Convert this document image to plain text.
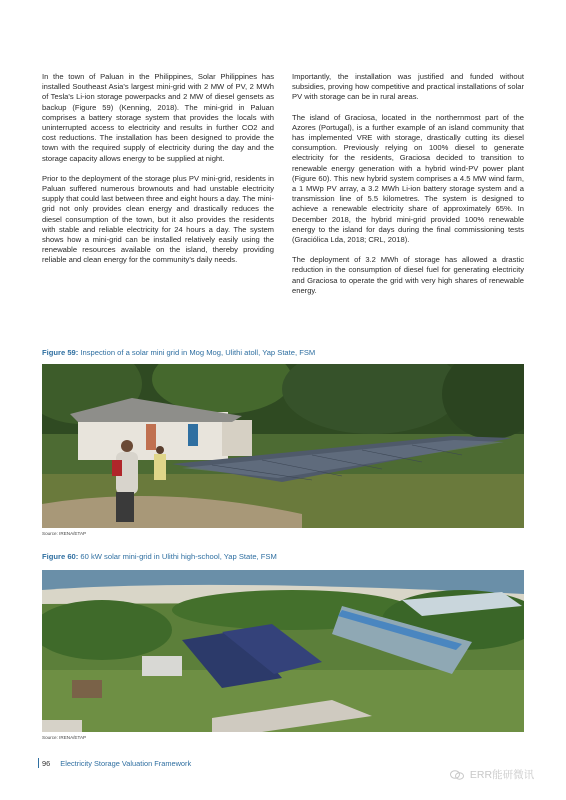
In the town of Paluan in the Philippines, Solar Philippines has installed Southeast Asia's largest mini-grid with 2 MW of PV, 2 MWh of Tesla's Li-ion storage powerpacks and 2 MW of diesel gensets as backup (Figure 59) (Kenning, 2018). The mini-grid in Paluan comprises a battery storage system that provides the locals with uninterrupted access to electricity and results in further CO2 and cost reductions. The installation has been designed to provide the town with the required supply of electricity during the day and the storage capacity allows energy to be supplied at night.

Prior to the deployment of the storage plus PV mini-grid, residents in Paluan suffered numerous brownouts and had unstable electricity supply that could last between three and eight hours a day. The mini-grid not only provides clean energy and drastically reduces the diesel consumption of the town, but it also provides the residents with stable and reliable electricity for 24 hours a day. The system shows how a mini-grid can be installed relatively easily using the renewable resources available on the island, thereby providing reliable and clean energy for the community's daily needs.

Importantly, the installation was justified and funded without subsidies, proving how competitive and practical installations of solar PV with storage can be in rural areas.

The island of Graciosa, located in the northernmost part of the Azores (Portugal), is a further example of an island community that has implemented VRE with storage, drastically cutting its diesel consumption. Previously relying on 100% diesel to generate electricity for the residents, Graciosa decided to transition to renewable energy generation with a hybrid wind-PV power plant (Figure 60). This new hybrid system comprises a 4.5 MW wind farm, a 1 MWp PV array, a 3.2 MWh Li-ion battery storage system and a transmission line of 5.5 kilometres. The system is designed to achieve a renewable electricity share of approximately 65%. In December 2018, the hybrid mini-grid provided 100% renewable energy to the island for days during the final commissioning tests (Graciólica Lda, 2018; CRL, 2018).

The deployment of 3.2 MWh of storage has allowed a drastic reduction in the consumption of diesel fuel for generating electricity and Graciosa to operate the grid with very high shares of renewable energy.

Figure 59: Inspection of a solar mini grid in Mog Mog, Ulithi atoll, Yap State, FSM
Source: IRENA/ETAP
Figure 60: 60 kW solar mini-grid in Ulithi high-school, Yap State, FSM
Source: IRENA/ETAP
96 Electricity Storage Valuation Framework
ERR能研微讯
